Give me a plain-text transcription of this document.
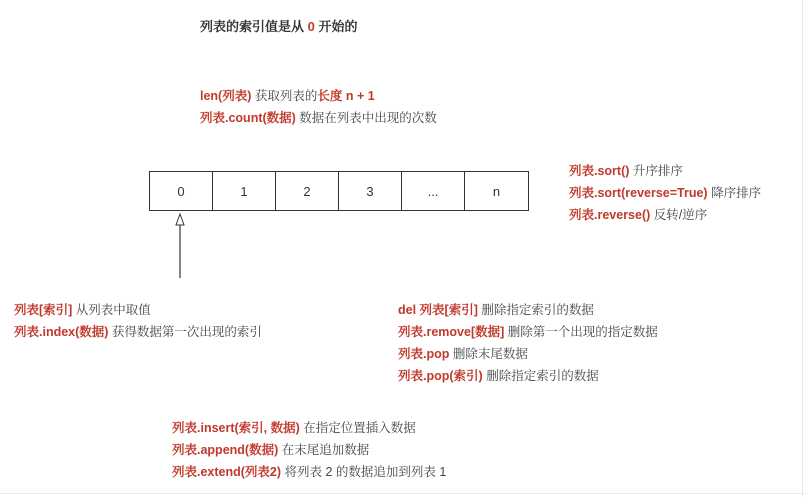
列表的索引值是从 0 开始的
len(列表) 获取列表的长度 n + 1
列表.count(数据) 数据在列表中出现的次数
0	1	2	3	...	n
列表.sort() 升序排序
列表.sort(reverse=True) 降序排序
列表.reverse() 反转/逆序
列表[索引] 从列表中取值
列表.index(数据) 获得数据第一次出现的索引
del 列表[索引] 删除指定索引的数据
列表.remove[数据] 删除第一个出现的指定数据
列表.pop 删除末尾数据
列表.pop(索引) 删除指定索引的数据
列表.insert(索引, 数据) 在指定位置插入数据
列表.append(数据) 在末尾追加数据
列表.extend(列表2) 将列表 2 的数据追加到列表 1
